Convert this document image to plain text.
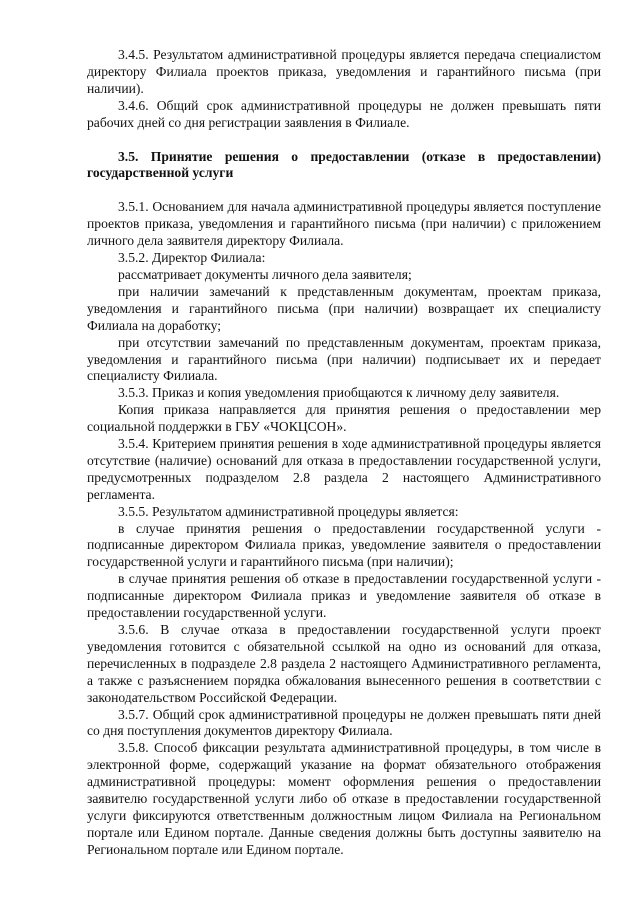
3.4.5. Результатом административной процедуры является передача специалистом директору Филиала проектов приказа, уведомления и гарантийного письма (при наличии).

3.4.6. Общий срок административной процедуры не должен превышать пяти рабочих дней со дня регистрации заявления в Филиале.

3.5. Принятие решения о предоставлении (отказе в предоставлении) государственной услуги

3.5.1. Основанием для начала административной процедуры является поступление проектов приказа, уведомления и гарантийного письма (при наличии) с приложением личного дела заявителя директору Филиала.

3.5.2. Директор Филиала:

рассматривает документы личного дела заявителя;

при наличии замечаний к представленным документам, проектам приказа, уведомления и гарантийного письма (при наличии) возвращает их специалисту Филиала на доработку;

при отсутствии замечаний по представленным документам, проектам приказа, уведомления и гарантийного письма (при наличии) подписывает их и передает специалисту Филиала.

3.5.3. Приказ и копия уведомления приобщаются к личному делу заявителя.

Копия приказа направляется для принятия решения о предоставлении мер социальной поддержки в ГБУ «ЧОКЦСОН».

3.5.4. Критерием принятия решения в ходе административной процедуры является отсутствие (наличие) оснований для отказа в предоставлении государственной услуги, предусмотренных подразделом 2.8 раздела 2 настоящего Административного регламента.

3.5.5. Результатом административной процедуры является:

в случае принятия решения о предоставлении государственной услуги - подписанные директором Филиала приказ, уведомление заявителя о предоставлении государственной услуги и гарантийного письма (при наличии);

в случае принятия решения об отказе в предоставлении государственной услуги - подписанные директором Филиала приказ и уведомление заявителя об отказе в предоставлении государственной услуги.

3.5.6. В случае отказа в предоставлении государственной услуги проект уведомления готовится с обязательной ссылкой на одно из оснований для отказа, перечисленных в подразделе 2.8 раздела 2 настоящего Административного регламента, а также с разъяснением порядка обжалования вынесенного решения в соответствии с законодательством Российской Федерации.

3.5.7. Общий срок административной процедуры не должен превышать пяти дней со дня поступления документов директору Филиала.

3.5.8. Способ фиксации результата административной процедуры, в том числе в электронной форме, содержащий указание на формат обязательного отображения административной процедуры: момент оформления решения о предоставлении заявителю государственной услуги либо об отказе в предоставлении государственной услуги фиксируются ответственным должностным лицом Филиала на Региональном портале или Едином портале. Данные сведения должны быть доступны заявителю на Региональном портале или Едином портале.
